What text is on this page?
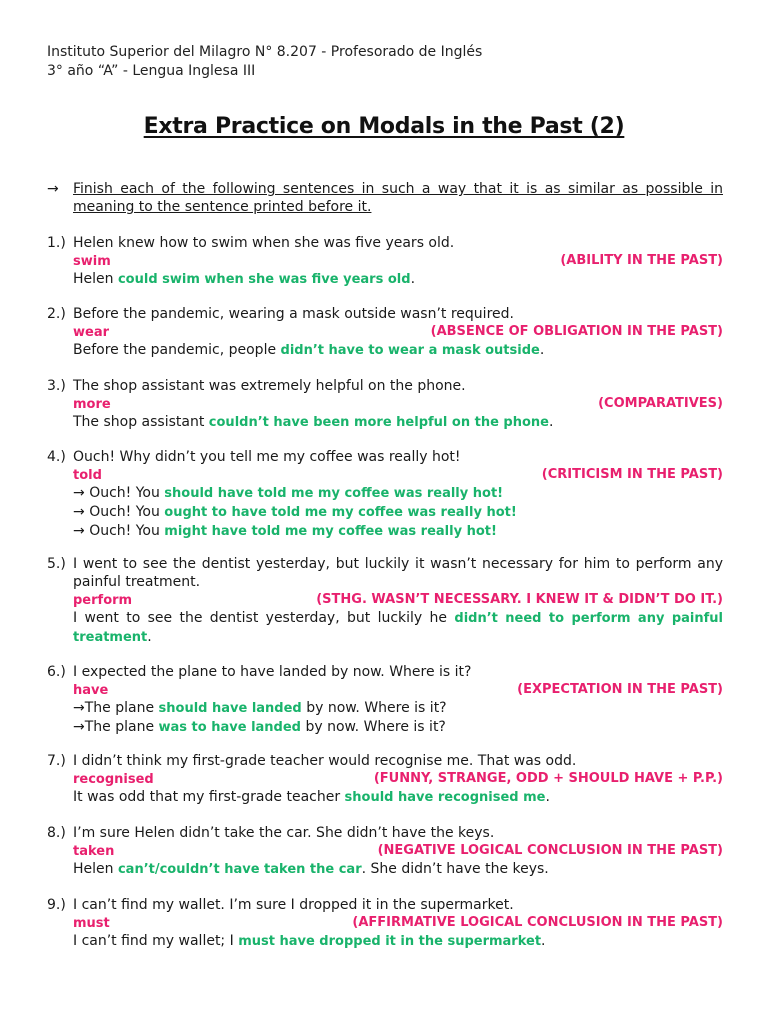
Instituto Superior del Milagro N° 8.207 - Profesorado de Inglés
3° año “A” - Lengua Inglesa III
Extra Practice on Modals in the Past (2)
→ Finish each of the following sentences in such a way that it is as similar as possible in meaning to the sentence printed before it.
1.) Helen knew how to swim when she was five years old.
swim	(ABILITY IN THE PAST)
Helen could swim when she was five years old.
2.) Before the pandemic, wearing a mask outside wasn’t required.
wear	(ABSENCE OF OBLIGATION IN THE PAST)
Before the pandemic, people didn’t have to wear a mask outside.
3.) The shop assistant was extremely helpful on the phone.
more	(COMPARATIVES)
The shop assistant couldn’t have been more helpful on the phone.
4.) Ouch! Why didn’t you tell me my coffee was really hot!
told	(CRITICISM IN THE PAST)
→ Ouch! You should have told me my coffee was really hot!
→ Ouch! You ought to have told me my coffee was really hot!
→ Ouch! You might have told me my coffee was really hot!
5.) I went to see the dentist yesterday, but luckily it wasn’t necessary for him to perform any painful treatment.
perform	(STHG. WASN’T NECESSARY. I KNEW IT & DIDN’T DO IT.)
I went to see the dentist yesterday, but luckily he didn’t need to perform any painful treatment.
6.) I expected the plane to have landed by now. Where is it?
have	(EXPECTATION IN THE PAST)
→The plane should have landed by now. Where is it?
→The plane was to have landed by now. Where is it?
7.) I didn’t think my first-grade teacher would recognise me. That was odd.
recognised	(FUNNY, STRANGE, ODD + SHOULD HAVE + P.P.)
It was odd that my first-grade teacher should have recognised me.
8.) I’m sure Helen didn’t take the car. She didn’t have the keys.
taken	(NEGATIVE LOGICAL CONCLUSION IN THE PAST)
Helen can’t/couldn’t have taken the car. She didn’t have the keys.
9.) I can’t find my wallet. I’m sure I dropped it in the supermarket.
must	(AFFIRMATIVE LOGICAL CONCLUSION IN THE PAST)
I can’t find my wallet; I must have dropped it in the supermarket.
